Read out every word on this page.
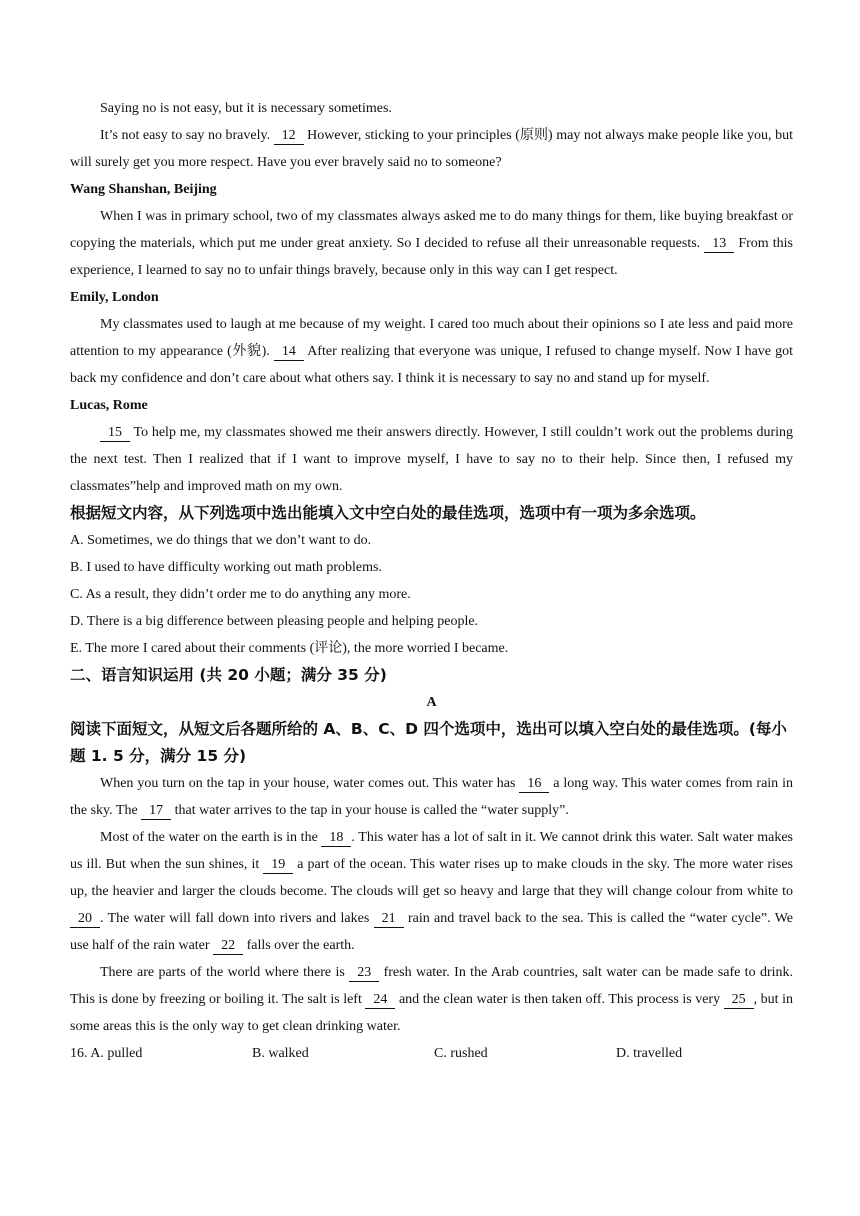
Saying no is not easy, but it is necessary sometimes.

It’s not easy to say no bravely. 12 However, sticking to your principles (原则) may not always make people like you, but will surely get you more respect. Have you ever bravely said no to someone?

Wang Shanshan, Beijing

When I was in primary school, two of my classmates always asked me to do many things for them, like buying breakfast or copying the materials, which put me under great anxiety. So I decided to refuse all their unreasonable requests. 13 From this experience, I learned to say no to unfair things bravely, because only in this way can I get respect.

Emily, London

My classmates used to laugh at me because of my weight. I cared too much about their opinions so I ate less and paid more attention to my appearance (外貌). 14 After realizing that everyone was unique, I refused to change myself. Now I have got back my confidence and don’t care about what others say. I think it is necessary to say no and stand up for myself.

Lucas, Rome

15 To help me, my classmates showed me their answers directly. However, I still couldn’t work out the problems during the next test. Then I realized that if I want to improve myself, I have to say no to their help. Since then, I refused my classmates”help and improved math on my own.

根据短文内容，从下列选项中选出能填入文中空白处的最佳选项，选项中有一项为多余选项。

A. Sometimes, we do things that we don’t want to do.

B. I used to have difficulty working out math problems.

C. As a result, they didn’t order me to do anything any more.

D. There is a big difference between pleasing people and helping people.

E. The more I cared about their comments (评论), the more worried I became.

二、语言知识运用 (共 20 小题；满分 35 分)

A

阅读下面短文，从短文后各题所给的 A、B、C、D 四个选项中，选出可以填入空白处的最佳选项。(每小题 1. 5 分，满分 15 分)

When you turn on the tap in your house, water comes out. This water has 16 a long way. This water comes from rain in the sky. The 17 that water arrives to the tap in your house is called the “water supply”.

Most of the water on the earth is in the 18 . This water has a lot of salt in it. We cannot drink this water. Salt water makes us ill. But when the sun shines, it 19 a part of the ocean. This water rises up to make clouds in the sky. The more water rises up, the heavier and larger the clouds become. The clouds will get so heavy and large that they will change colour from white to 20 . The water will fall down into rivers and lakes 21 rain and travel back to the sea. This is called the “water cycle”. We use half of the rain water 22 falls over the earth.

There are parts of the world where there is 23 fresh water. In the Arab countries, salt water can be made safe to drink. This is done by freezing or boiling it. The salt is left 24 and the clean water is then taken off. This process is very 25 , but in some areas this is the only way to get clean drinking water.

16. A. pulled	B. walked	C. rushed	D. travelled
